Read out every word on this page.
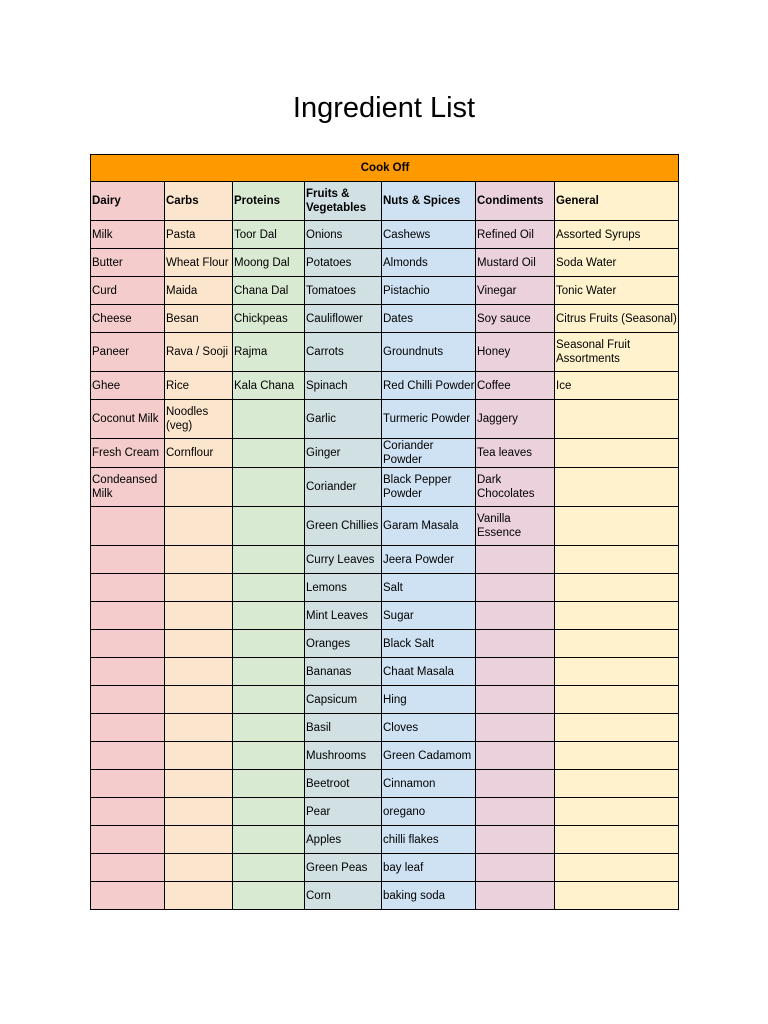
Ingredient List
Cook Off						
Dairy	Carbs	Proteins	Fruits & Vegetables	Nuts & Spices	Condiments	General
Milk	Pasta	Toor Dal	Onions	Cashews	Refined Oil	Assorted Syrups
Butter	Wheat Flour	Moong Dal	Potatoes	Almonds	Mustard Oil	Soda Water
Curd	Maida	Chana Dal	Tomatoes	Pistachio	Vinegar	Tonic Water
Cheese	Besan	Chickpeas	Cauliflower	Dates	Soy sauce	Citrus Fruits (Seasonal)
Paneer	Rava / Sooji	Rajma	Carrots	Groundnuts	Honey	Seasonal Fruit Assortments
Ghee	Rice	Kala Chana	Spinach	Red Chilli Powder	Coffee	Ice
Coconut Milk	Noodles (veg)		Garlic	Turmeric Powder	Jaggery	
Fresh Cream	Cornflour		Ginger	Coriander Powder	Tea leaves	
Condeansed Milk			Coriander	Black Pepper Powder	Dark Chocolates	
			Green Chillies	Garam Masala	Vanilla Essence	
			Curry Leaves	Jeera Powder		
			Lemons	Salt		
			Mint Leaves	Sugar		
			Oranges	Black Salt		
			Bananas	Chaat Masala		
			Capsicum	Hing		
			Basil	Cloves		
			Mushrooms	Green Cadamom		
			Beetroot	Cinnamon		
			Pear	oregano		
			Apples	chilli flakes		
			Green Peas	bay leaf		
			Corn	baking soda		
